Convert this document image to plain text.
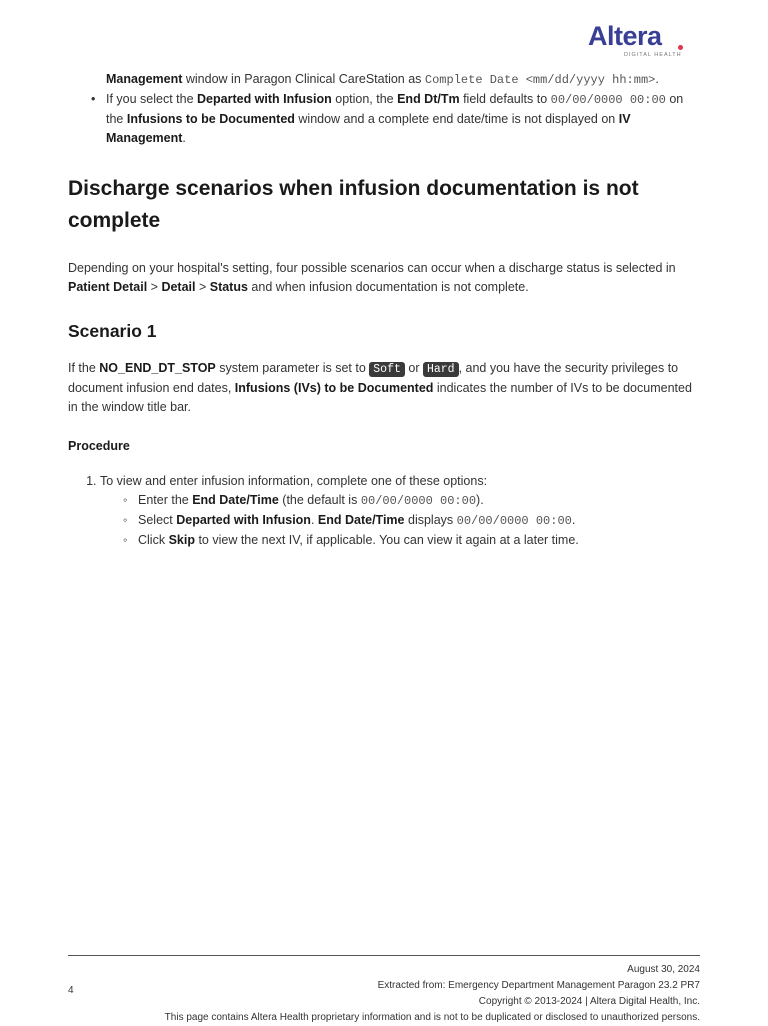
Altera
DIGITAL HEALTH

Management window in Paragon Clinical CareStation as Complete Date <mm/dd/yyyy hh:mm>.

• If you select the Departed with Infusion option, the End Dt/Tm field defaults to 00/00/0000 00:00 on the Infusions to be Documented window and a complete end date/time is not displayed on IV Management.
Discharge scenarios when infusion documentation is not complete

Depending on your hospital's setting, four possible scenarios can occur when a discharge status is selected in Patient Detail > Detail > Status and when infusion documentation is not complete.

Scenario 1

If the NO_END_DT_STOP system parameter is set to Soft or Hard , and you have the security privileges to document infusion end dates, Infusions (IVs) to be Documented indicates the number of IVs to be documented in the window title bar.

Procedure
1. To view and enter infusion information, complete one of these options:
◦ Enter the End Date/Time (the default is 00/00/0000 00:00).
◦ Select Departed with Infusion. End Date/Time displays 00/00/0000 00:00.
◦ Click Skip to view the next IV, if applicable. You can view it again at a later time.
4
August 30, 2024
Extracted from: Emergency Department Management Paragon 23.2 PR7
Copyright © 2013-2024 | Altera Digital Health, Inc.
This page contains Altera Health proprietary information and is not to be duplicated or disclosed to unauthorized persons.
